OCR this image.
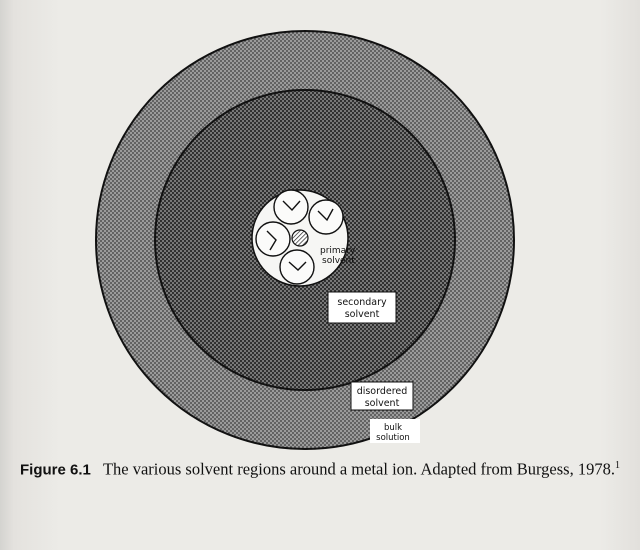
primary
solvent
secondary
solvent
disordered
solvent
bulk
solution
Figure 6.1 The various solvent regions around a metal ion. Adapted from Burgess, 1978.$^1$
